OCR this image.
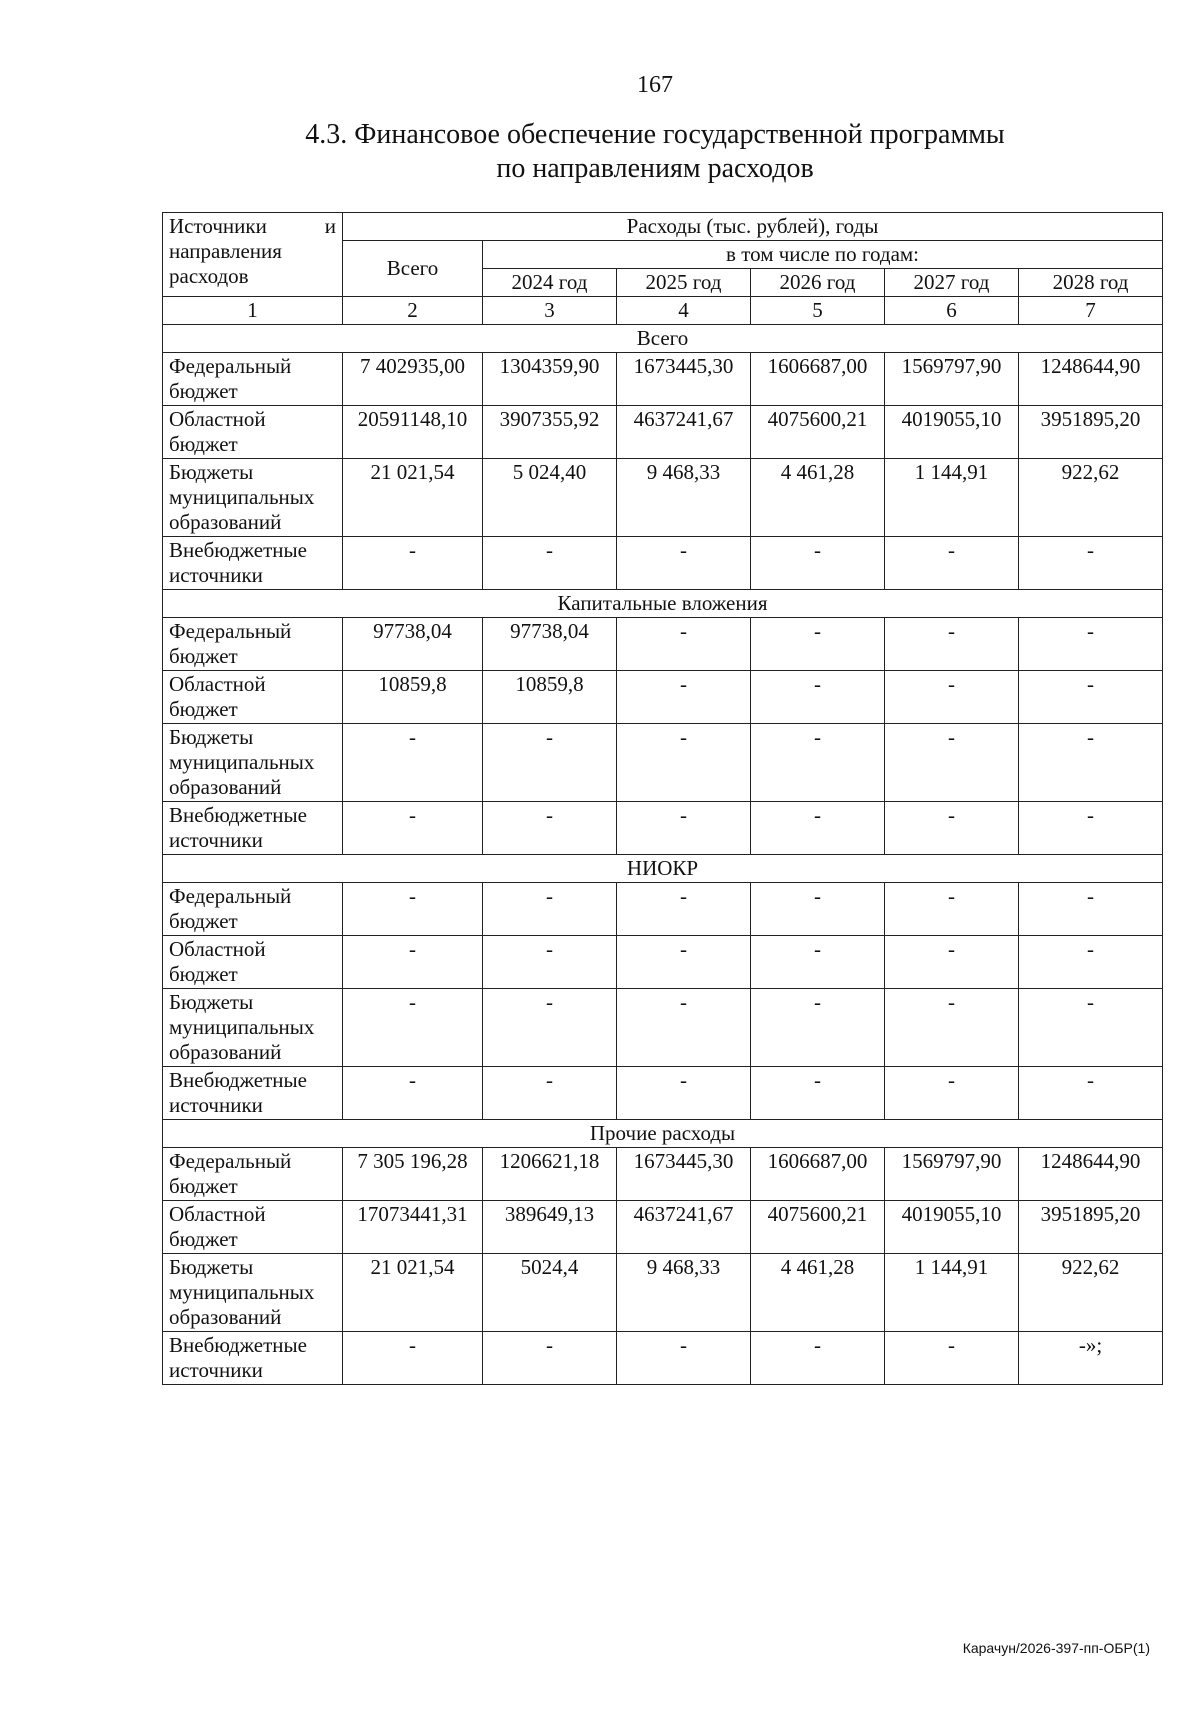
167
4.3. Финансовое обеспечение государственной программы
по направлениям расходов
Источники и
направления
расходов	Расходы (тыс. рублей), годы					
	Всего	в том числе по годам:				
		2024 год	2025 год	2026 год	2027 год	2028 год
1	2	3	4	5	6	7
Всего						
Федеральный бюджет	7 402935,00	1304359,90	1673445,30	1606687,00	1569797,90	1248644,90
Областной бюджет	20591148,10	3907355,92	4637241,67	4075600,21	4019055,10	3951895,20
Бюджеты муниципальных образований	21 021,54	5 024,40	9 468,33	4 461,28	1 144,91	922,62
Внебюджетные источники	-	-	-	-	-	-
Капитальные вложения						
Федеральный бюджет	97738,04	97738,04	-	-	-	-
Областной бюджет	10859,8	10859,8	-	-	-	-
Бюджеты муниципальных образований	-	-	-	-	-	-
Внебюджетные источники	-	-	-	-	-	-
НИОКР						
Федеральный бюджет	-	-	-	-	-	-
Областной бюджет	-	-	-	-	-	-
Бюджеты муниципальных образований	-	-	-	-	-	-
Внебюджетные источники	-	-	-	-	-	-
Прочие расходы						
Федеральный бюджет	7 305 196,28	1206621,18	1673445,30	1606687,00	1569797,90	1248644,90
Областной бюджет	17073441,31	389649,13	4637241,67	4075600,21	4019055,10	3951895,20
Бюджеты муниципальных образований	21 021,54	5024,4	9 468,33	4 461,28	1 144,91	922,62
Внебюджетные источники	-	-	-	-	-	-»;
Карачун/2026-397-пп-ОБР(1)
